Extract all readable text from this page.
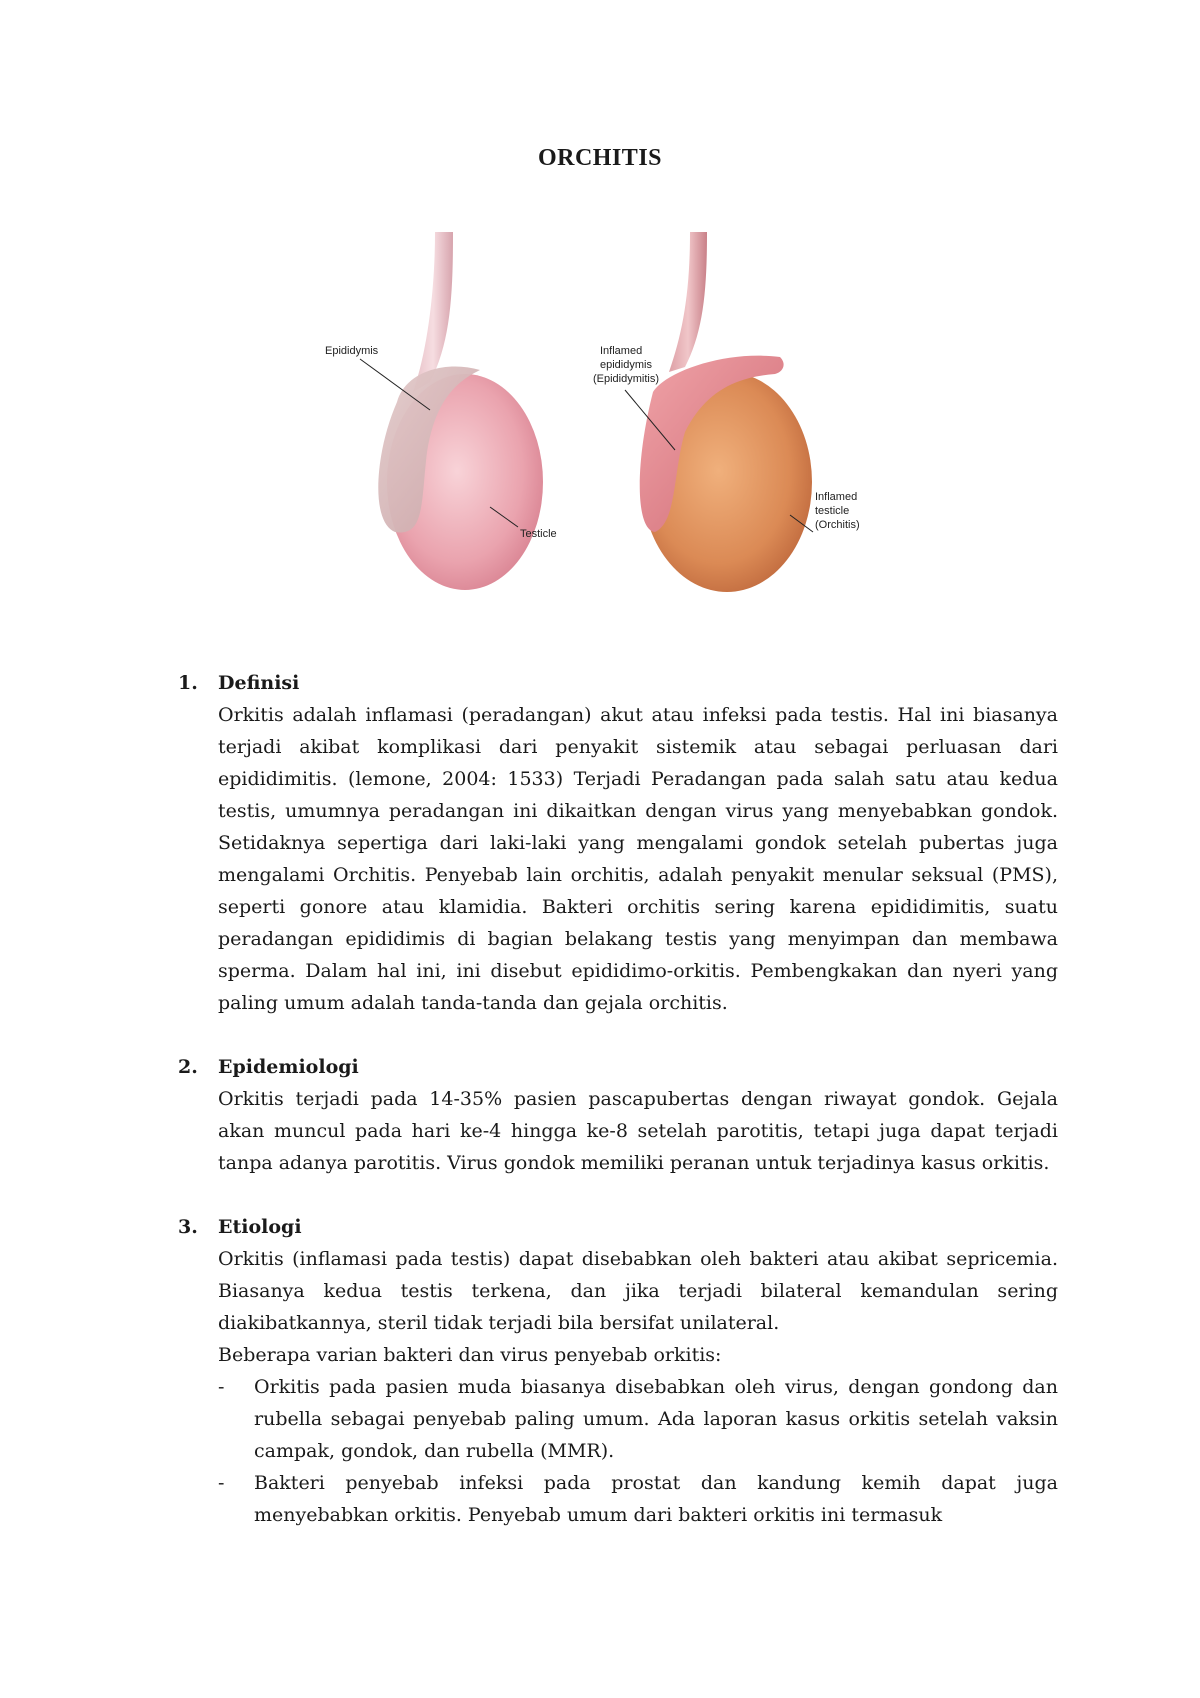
ORCHITIS
Epididymis
Testicle
Inflamed
epididymis
(Epididymitis)
Inflamed
testicle
(Orchitis)
1. Definisi
Orkitis adalah inflamasi (peradangan) akut atau infeksi pada testis. Hal ini biasanya terjadi akibat komplikasi dari penyakit sistemik atau sebagai perluasan dari epididimitis. (lemone, 2004: 1533) Terjadi Peradangan pada salah satu atau kedua testis, umumnya peradangan ini dikaitkan dengan virus yang menyebabkan gondok. Setidaknya sepertiga dari laki-laki yang mengalami gondok setelah pubertas juga mengalami Orchitis. Penyebab lain orchitis, adalah penyakit menular seksual (PMS), seperti gonore atau klamidia. Bakteri orchitis sering karena epididimitis, suatu peradangan epididimis di bagian belakang testis yang menyimpan dan membawa sperma. Dalam hal ini, ini disebut epididimo-orkitis. Pembengkakan dan nyeri yang paling umum adalah tanda-tanda dan gejala orchitis.
2. Epidemiologi
Orkitis terjadi pada 14-35% pasien pascapubertas dengan riwayat gondok. Gejala akan muncul pada hari ke-4 hingga ke-8 setelah parotitis, tetapi juga dapat terjadi tanpa adanya parotitis. Virus gondok memiliki peranan untuk terjadinya kasus orkitis.
3. Etiologi
Orkitis (inflamasi pada testis) dapat disebabkan oleh bakteri atau akibat sepricemia. Biasanya kedua testis terkena, dan jika terjadi bilateral kemandulan sering diakibatkannya, steril tidak terjadi bila bersifat unilateral.
Beberapa varian bakteri dan virus penyebab orkitis:
- Orkitis pada pasien muda biasanya disebabkan oleh virus, dengan gondong dan rubella sebagai penyebab paling umum. Ada laporan kasus orkitis setelah vaksin campak, gondok, dan rubella (MMR).
- Bakteri penyebab infeksi pada prostat dan kandung kemih dapat juga menyebabkan orkitis. Penyebab umum dari bakteri orkitis ini termasuk
